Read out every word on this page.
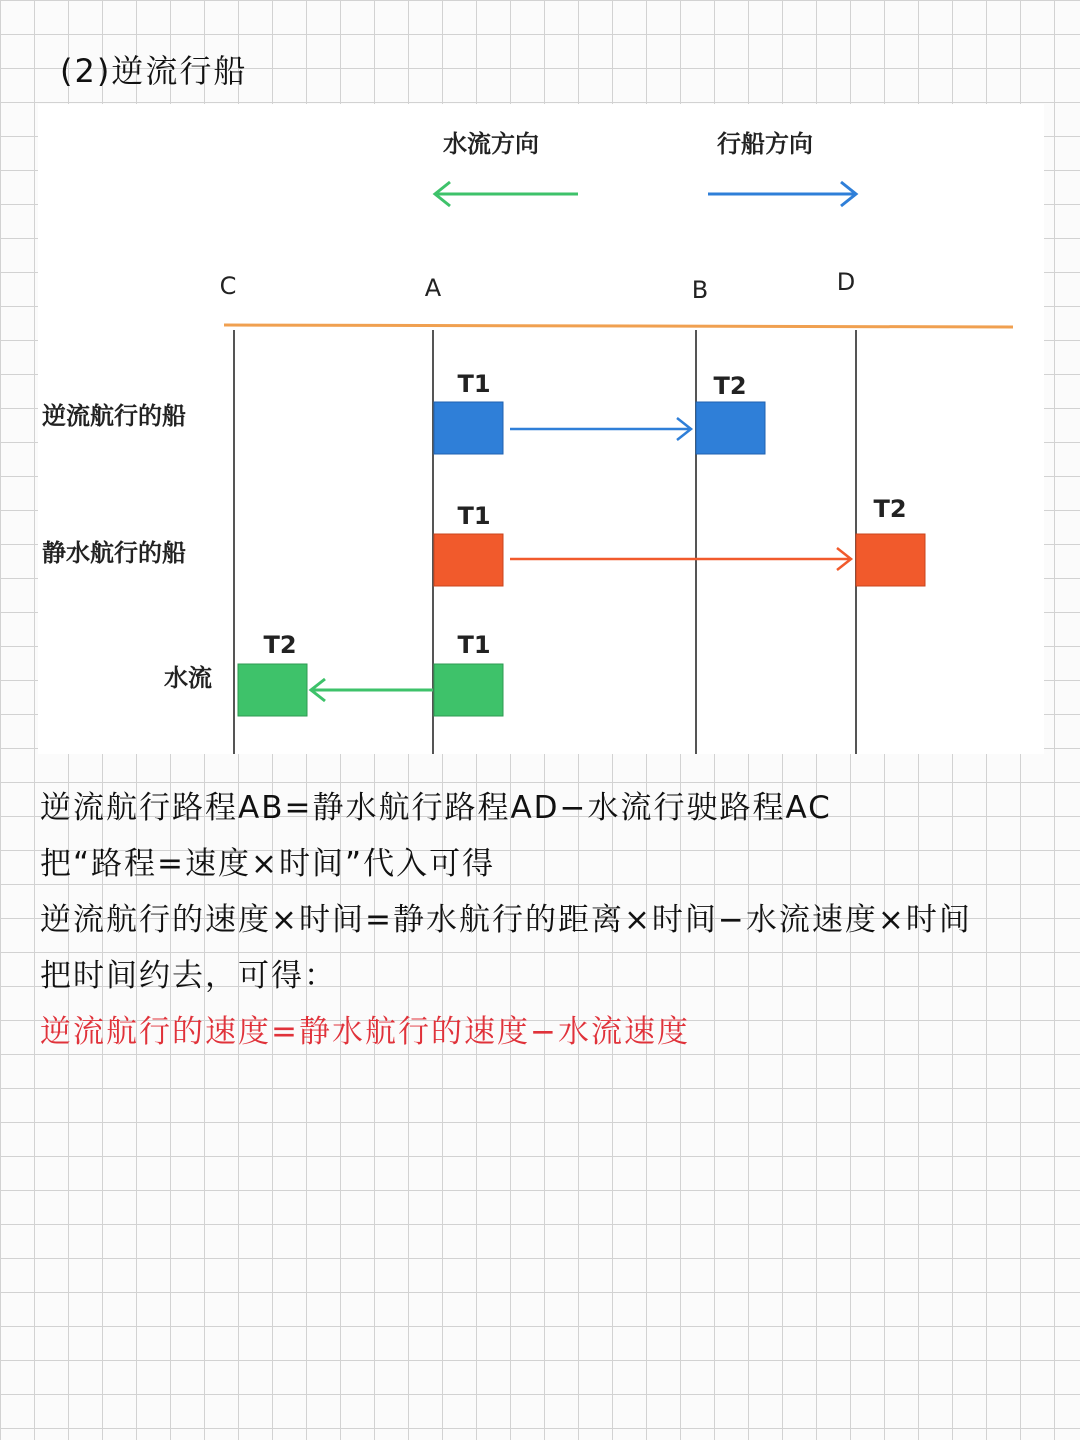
(2)逆流行船
水流方向	行船方向
C	A	B	D
逆流航行的船
静水航行的船
水流
T1	T2
T1	T2
T1
T2

逆流航行路程AB=静水航行路程AD−水流行驶路程AC

把“路程=速度×时间”代入可得

逆流航行的速度×时间=静水航行的距离×时间−水流速度×时间

把时间约去，可得：

逆流航行的速度=静水航行的速度−水流速度
